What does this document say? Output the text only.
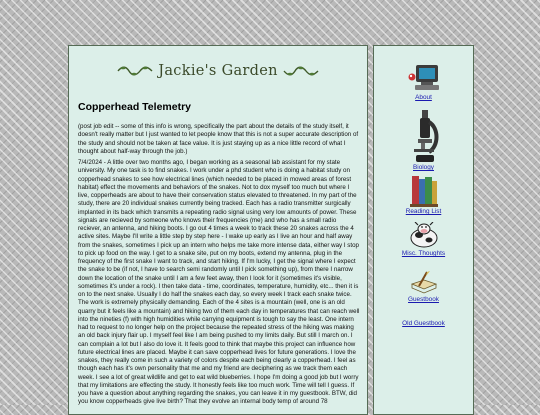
Jackie's Garden
Copperhead Telemetry

(post job edit -- some of this info is wrong, specifically the part about the details of the study itself, it doesn't really matter but I just wanted to let people know that this is not a super accurate description of the study and should not be taken at face value. It is just staying up as a nice little record of what I thought about half-way through the job.)

7/4/2024 - A little over two months ago, I began working as a seasonal lab assistant for my state university. My one task is to find snakes. I work under a phd student who is doing a habitat study on copperhead snakes to see how electrical lines (which needed to be placed in mowed areas of forest habitat) effect the movements and behaviors of the snakes. Not to dox myself too much but where I live, copperheads are about to have their conservation status elevated to threatened. In my part of the study, there are 20 individual snakes currently being tracked. Each has a radio transmitter surgically implanted in its back which transmits a repeating radio signal using very low amounts of power. These signals are recieved by someone who knows their frequencies (me) and who has a small radio reciever, an antenna, and hiking boots. I go out 4 times a week to track these 20 snakes across the 4 active sites. Maybe I'll write a little step by step here - I wake up early as I live an hour and half away from the snakes, sometimes I pick up an intern who helps me take more intense data, either way I stop to pick up food on the way. I get to a snake site, put on my boots, extend my antenna, plug in the frequency of the first snake I want to track, and start hiking. If I'm lucky, I get the signal where I expect the snake to be (if not, I have to search semi randomly until I pick something up), from there I narrow down the location of the snake until I am a few feet away, then I look for it (sometimes it's visible, sometimes it's under a rock). I then take data - time, coordinates, temperature, humidity, etc... then it is on to the next snake. Usually I do half the snakes each day, so every week I track each snake twice. The work is extremely physically demanding. Each of the 4 sites is a mountain (well, one is an old quarry but it feels like a mountain) and hiking two of them each day in temperatures that can reach well into the nineties (f) with high humidities while carrying equipment is tough to say the least. One intern had to request to no longer help on the project because the repeated stress of the hiking was making an old back injury flair up. I myself feel like I am being pushed to my limits daily. But still I march on. I can complain a lot but I also do love it. It feels good to think that maybe this project can influence how future electrical lines are placed. Maybe it can save copperhead lives for future generations. I love the snakes, they really come in such a variety of colors despite each being clearly a copperhead. I feel as though each has it's own personality that me and my friend are deciphering as we track them each week. I see a lot of great wildlife and get to eat wild blueberries. I hope I'm doing a good job but I worry that my limitations are effecting the study. It honestly feels like too much work. Time will tell I guess. If you have a question about anything regarding the snakes, you can leave it in my guestbook. BTW, did you know copperheads give live birth? That they evolve an internal body temp of around 78

About
Biology
Reading List
Misc. Thoughts
Guestbook
Old Guestbook
